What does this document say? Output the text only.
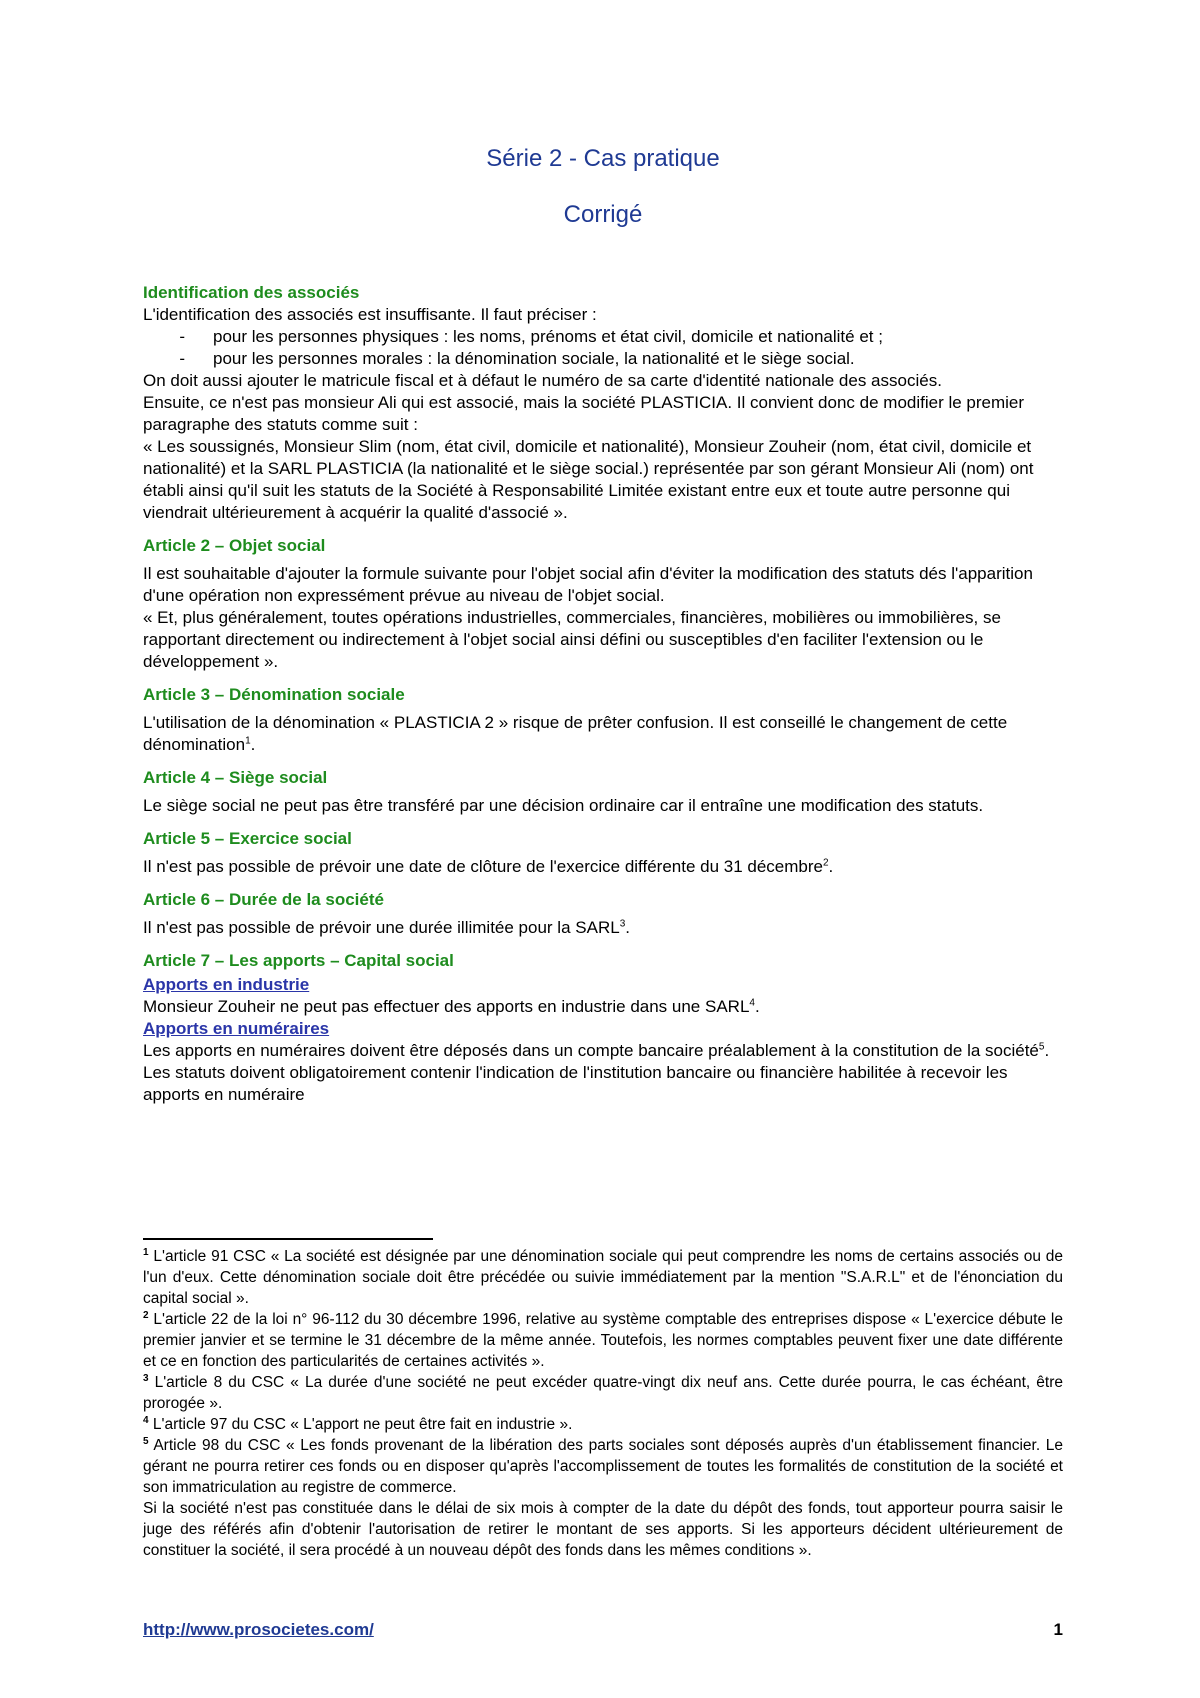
Série 2 - Cas pratique
Corrigé
Identification des associés

L'identification des associés est insuffisante. Il faut préciser :

-	pour les personnes physiques : les noms, prénoms et état civil, domicile et nationalité et ;
-	pour les personnes morales : la dénomination sociale, la nationalité et le siège social.

On doit aussi ajouter le matricule fiscal et à défaut le numéro de sa carte d'identité nationale des associés.

Ensuite, ce n'est pas monsieur Ali qui est associé, mais la société PLASTICIA. Il convient donc de modifier le premier paragraphe des statuts comme suit :

« Les soussignés, Monsieur Slim (nom, état civil, domicile et nationalité), Monsieur Zouheir (nom, état civil, domicile et nationalité) et la SARL PLASTICIA (la nationalité et le siège social.) représentée par son gérant Monsieur Ali (nom) ont établi ainsi qu'il suit les statuts de la Société à Responsabilité Limitée existant entre eux et toute autre personne qui viendrait ultérieurement à acquérir la qualité d'associé ».

Article 2 – Objet social

Il est souhaitable d'ajouter la formule suivante pour l'objet social afin d'éviter la modification des statuts dés l'apparition d'une opération non expressément prévue au niveau de l'objet social.

« Et, plus généralement, toutes opérations industrielles, commerciales, financières, mobilières ou immobilières, se rapportant directement ou indirectement à l'objet social ainsi défini ou susceptibles d'en faciliter l'extension ou le développement ».

Article 3 – Dénomination sociale

L'utilisation de la dénomination « PLASTICIA 2 » risque de prêter confusion. Il est conseillé le changement de cette dénomination$^1$.

Article 4 – Siège social

Le siège social ne peut pas être transféré par une décision ordinaire car il entraîne une modification des statuts.

Article 5 – Exercice social

Il n'est pas possible de prévoir une date de clôture de l'exercice différente du 31 décembre$^2$.

Article 6 – Durée de la société

Il n'est pas possible de prévoir une durée illimitée pour la SARL$^3$.

Article 7 – Les apports – Capital social
Apports en industrie

Monsieur Zouheir ne peut pas effectuer des apports en industrie dans une SARL$^4$.

Apports en numéraires

Les apports en numéraires doivent être déposés dans un compte bancaire préalablement à la constitution de la société$^5$.

Les statuts doivent obligatoirement contenir l'indication de l'institution bancaire ou financière habilitée à recevoir les apports en numéraire

$^1$ L'article 91 CSC « La société est désignée par une dénomination sociale qui peut comprendre les noms de certains associés ou de l'un d'eux. Cette dénomination sociale doit être précédée ou suivie immédiatement par la mention "S.A.R.L" et de l'énonciation du capital social ».
$^2$ L'article 22 de la loi n° 96-112 du 30 décembre 1996, relative au système comptable des entreprises dispose « L'exercice débute le premier janvier et se termine le 31 décembre de la même année. Toutefois, les normes comptables peuvent fixer une date différente et ce en fonction des particularités de certaines activités ».
$^3$ L'article 8 du CSC « La durée d'une société ne peut excéder quatre-vingt dix neuf ans. Cette durée pourra, le cas échéant, être prorogée ».
$^4$ L'article 97 du CSC « L'apport ne peut être fait en industrie ».
$^5$ Article 98 du CSC « Les fonds provenant de la libération des parts sociales sont déposés auprès d'un établissement financier. Le gérant ne pourra retirer ces fonds ou en disposer qu'après l'accomplissement de toutes les formalités de constitution de la société et son immatriculation au registre de commerce.
Si la société n'est pas constituée dans le délai de six mois à compter de la date du dépôt des fonds, tout apporteur pourra saisir le juge des référés afin d'obtenir l'autorisation de retirer le montant de ses apports. Si les apporteurs décident ultérieurement de constituer la société, il sera procédé à un nouveau dépôt des fonds dans les mêmes conditions ».
http://www.prosocietes.com/	1
